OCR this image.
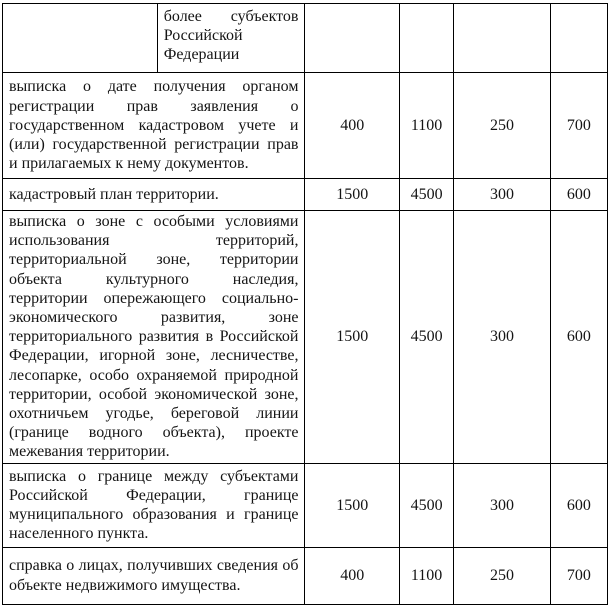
	более субъектов Российской Федерации				
выписка о дате получения органом регистрации прав заявления о государственном кадастровом учете и (или) государственной регистрации прав и прилагаемых к нему документов.		400	1100	250	700
кадастровый план территории.		1500	4500	300	600
выписка о зоне с особыми условиями использования территорий, территориальной зоне, территории объекта культурного наследия, территории опережающего социально-экономического развития, зоне территориального развития в Российской Федерации, игорной зоне, лесничестве, лесопарке, особо охраняемой природной территории, особой экономической зоне, охотничьем угодье, береговой линии (границе водного объекта), проекте межевания территории.		1500	4500	300	600
выписка о границе между субъектами Российской Федерации, границе муниципального образования и границе населенного пункта.		1500	4500	300	600
справка о лицах, получивших сведения об объекте недвижимого имущества.		400	1100	250	700
